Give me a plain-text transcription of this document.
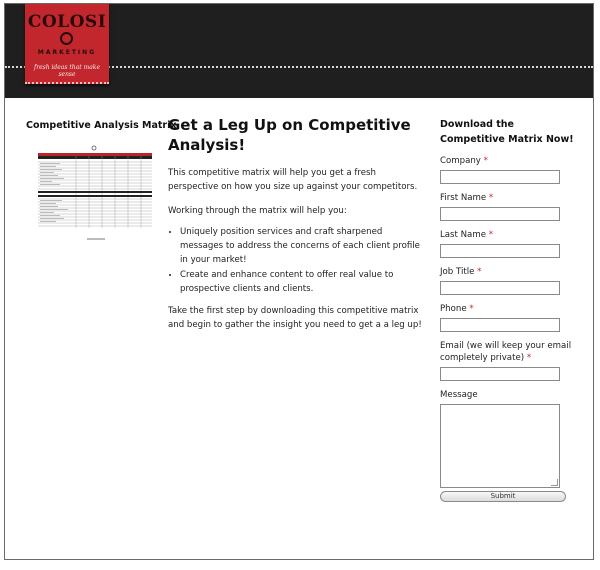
COLOSI
MARKETING
fresh ideas that make sense
Competitive Analysis Matrix
Get a Leg Up on Competitive Analysis!

This competitive matrix will help you get a fresh perspective on how you size up against your competitors.

Working through the matrix will help you:

• Uniquely position services and craft sharpened messages to address the concerns of each client profile in your market!
• Create and enhance content to offer real value to prospective clients and clients.

Take the first step by downloading this competitive matrix and begin to gather the insight you need to get a a leg up!

Download the Competitive Matrix Now!
Company *
First Name *
Last Name *
Job Title *
Phone *
Email (we will keep your email completely private) *
Message
Submit
